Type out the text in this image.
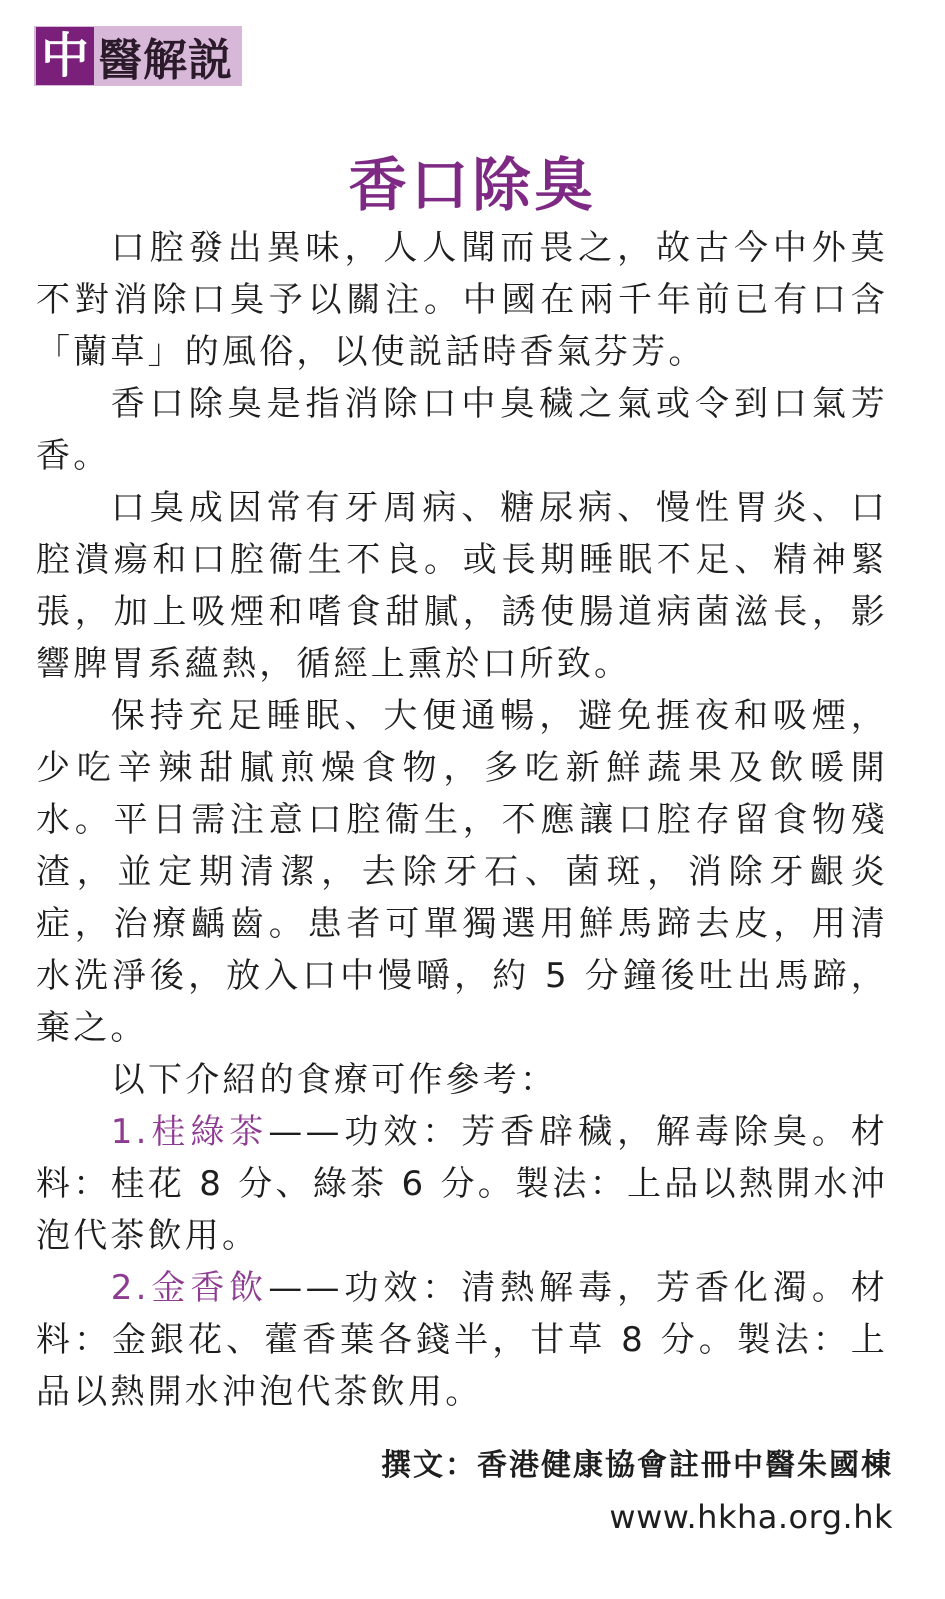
中 醫解説
香口除臭

口腔發出異味，人人聞而畏之，故古今中外莫不對消除口臭予以關注。中國在兩千年前已有口含「蘭草」的風俗，以使説話時香氣芬芳。

香口除臭是指消除口中臭穢之氣或令到口氣芳香。

口臭成因常有牙周病、糖尿病、慢性胃炎、口腔潰瘍和口腔衞生不良。或長期睡眠不足、精神緊張，加上吸煙和嗜食甜膩，誘使腸道病菌滋長，影響脾胃系蘊熱，循經上熏於口所致。

保持充足睡眠、大便通暢，避免捱夜和吸煙，少吃辛辣甜膩煎燥食物，多吃新鮮蔬果及飲暖開水。平日需注意口腔衞生，不應讓口腔存留食物殘渣，並定期清潔，去除牙石、菌斑，消除牙齦炎症，治療齲齒。患者可單獨選用鮮馬蹄去皮，用清水洗淨後，放入口中慢嚼，約 5 分鐘後吐出馬蹄，棄之。

以下介紹的食療可作參考：

1.桂綠茶——功效：芳香辟穢，解毒除臭。材料：桂花 8 分、綠茶 6 分。製法：上品以熱開水沖泡代茶飲用。

2.金香飲——功效：清熱解毒，芳香化濁。材料：金銀花、藿香葉各錢半，甘草 8 分。製法：上品以熱開水沖泡代茶飲用。

撰文：香港健康協會註冊中醫朱國棟
www.hkha.org.hk
